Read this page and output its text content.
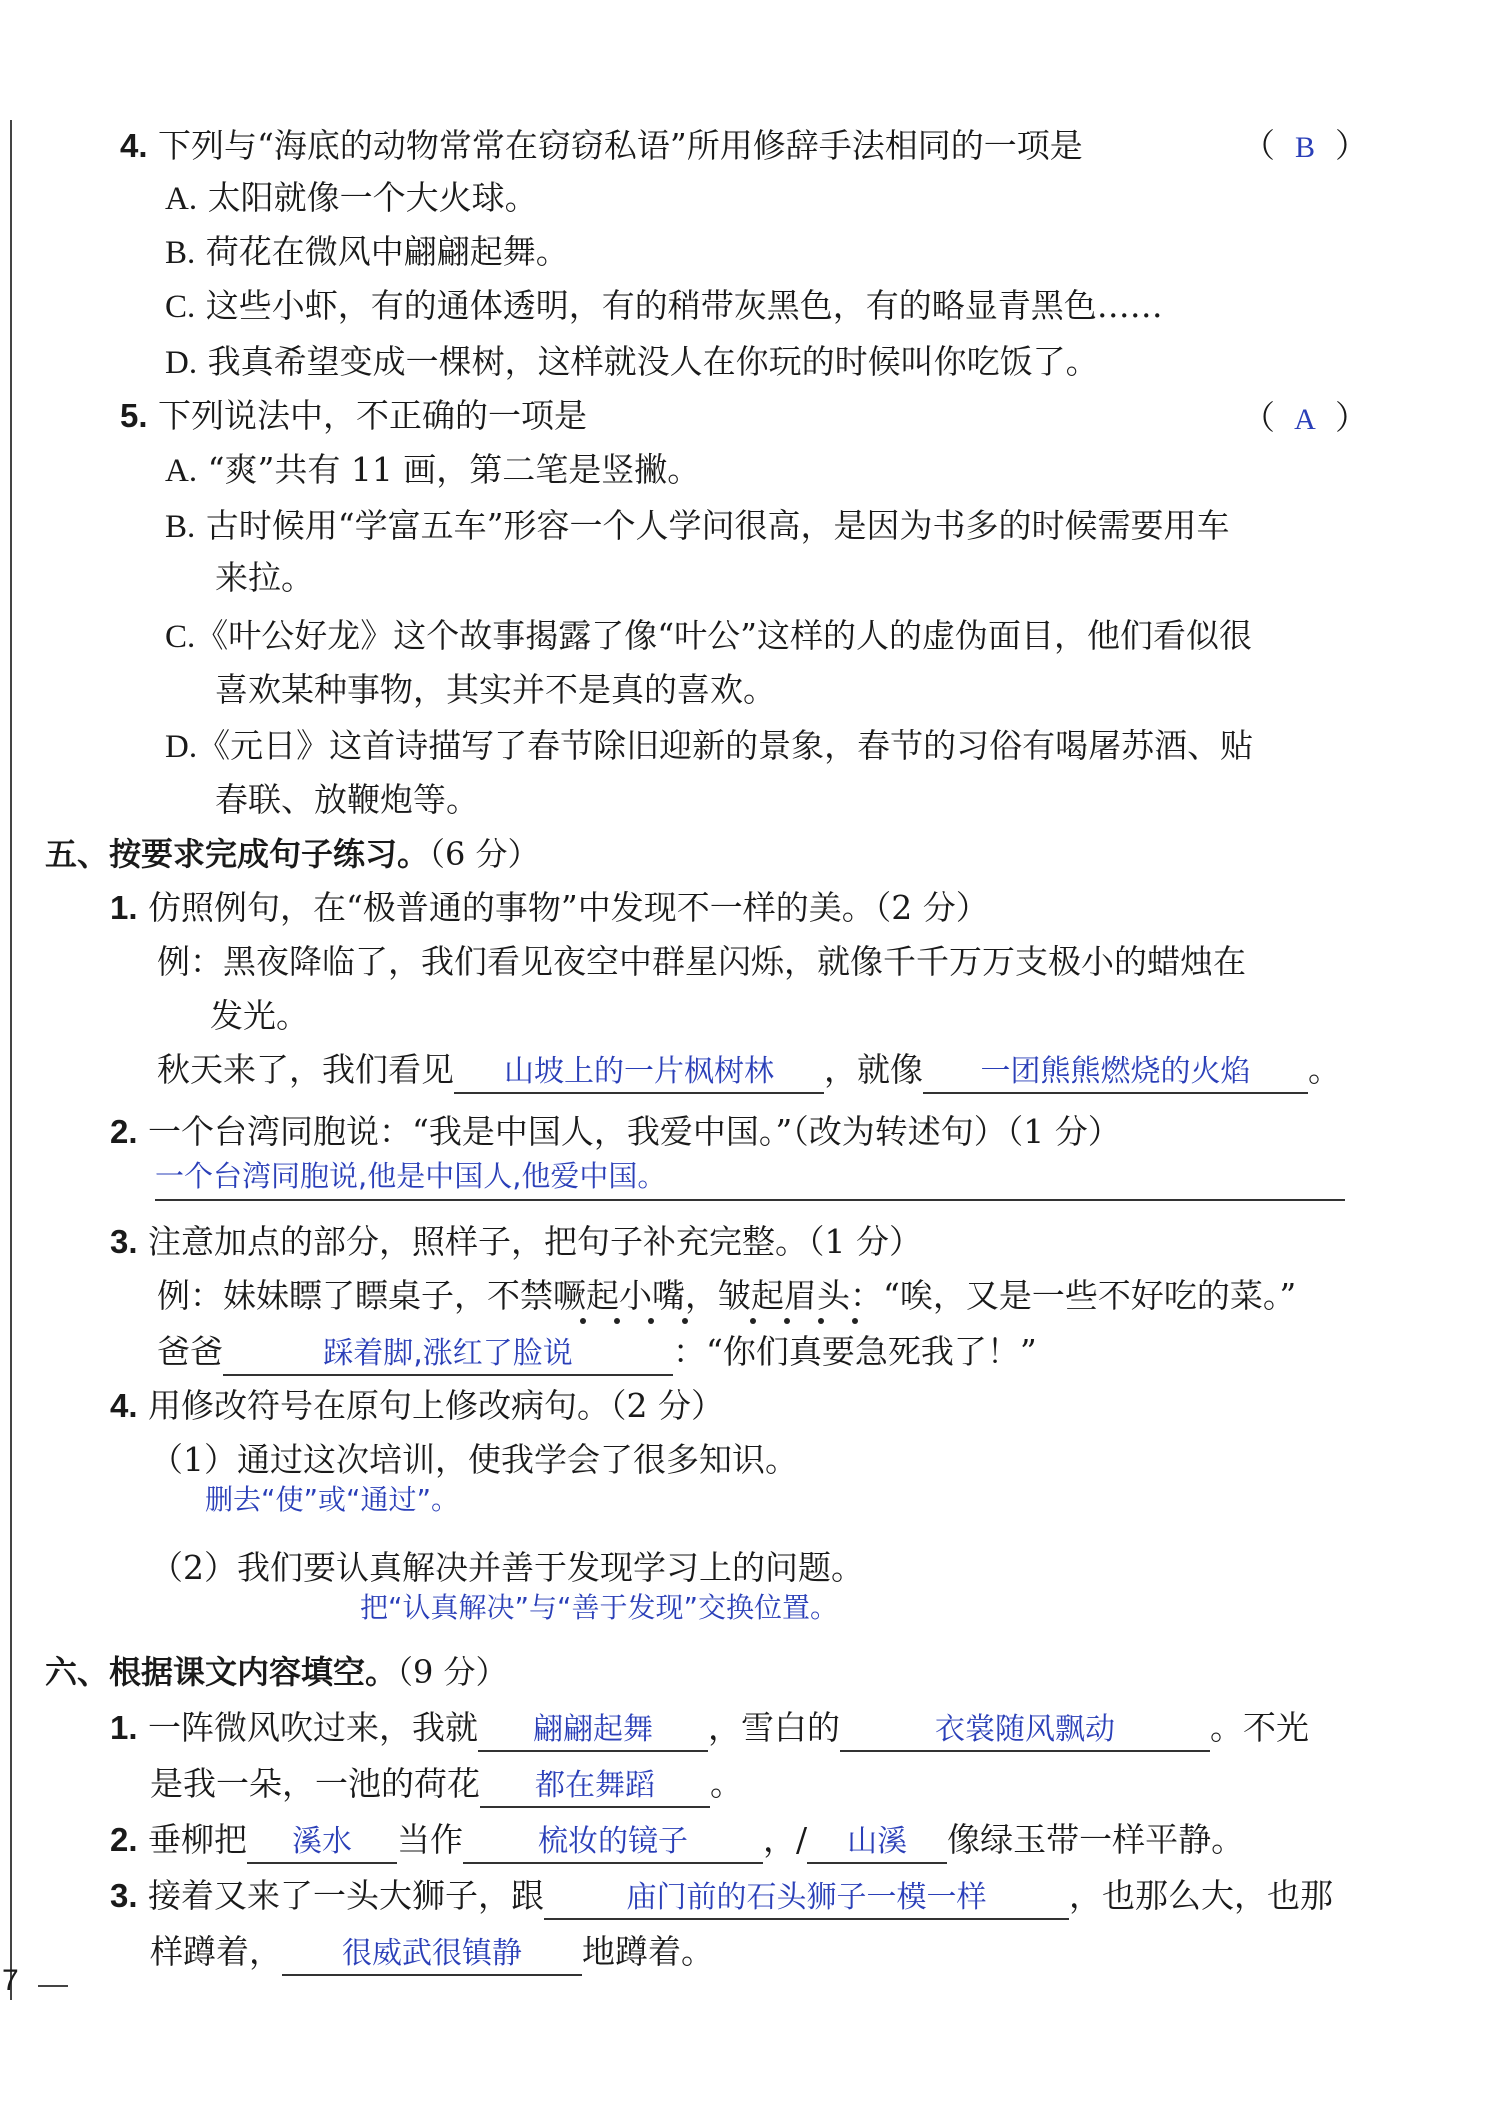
4. 下列与“海底的动物常常在窃窃私语”所用修辞手法相同的一项是	（ B ）
A. 太阳就像一个大火球。
B. 荷花在微风中翩翩起舞。
C. 这些小虾，有的通体透明，有的稍带灰黑色，有的略显青黑色……
D. 我真希望变成一棵树，这样就没人在你玩的时候叫你吃饭了。
5. 下列说法中，不正确的一项是	（ A ）
A. “爽”共有 11 画，第二笔是竖撇。
B. 古时候用“学富五车”形容一个人学问很高，是因为书多的时候需要用车
来拉。
C.《叶公好龙》这个故事揭露了像“叶公”这样的人的虚伪面目，他们看似很
喜欢某种事物，其实并不是真的喜欢。
D.《元日》这首诗描写了春节除旧迎新的景象，春节的习俗有喝屠苏酒、贴
春联、放鞭炮等。
五、按要求完成句子练习。（6 分）
1. 仿照例句，在“极普通的事物”中发现不一样的美。（2 分）
例：黑夜降临了，我们看见夜空中群星闪烁，就像千千万万支极小的蜡烛在
发光。
秋天来了，我们看见 山坡上的一片枫树林 ，就像 一团熊熊燃烧的火焰 。
2. 一个台湾同胞说：“我是中国人，我爱中国。”（改为转述句）（1 分）
一个台湾同胞说,他是中国人,他爱中国。
3. 注意加点的部分，照样子，把句子补充完整。（1 分）
例：妹妹瞟了瞟桌子，不禁噘起小嘴，皱起眉头：“唉，又是一些不好吃的菜。”
爸爸	踩着脚,涨红了脸说	：“你们真要急死我了！”
4. 用修改符号在原句上修改病句。（2 分）
（1）通过这次培训，使我学会了很多知识。
删去“使”或“通过”。
（2）我们要认真解决并善于发现学习上的问题。
把“认真解决”与“善于发现”交换位置。
六、根据课文内容填空。（9 分）
1. 一阵微风吹过来，我就 翩翩起舞 ，雪白的	衣裳随风飘动	。不光
是我一朵，一池的荷花 都在舞蹈 。
2. 垂柳把 溪水 当作	梳妆的镜子 ，/ 山溪 像绿玉带一样平静。
3. 接着又来了一头大狮子，跟	庙门前的石头狮子一模一样	，也那么大，也那
样蹲着， 很威武很镇静 地蹲着。
7
